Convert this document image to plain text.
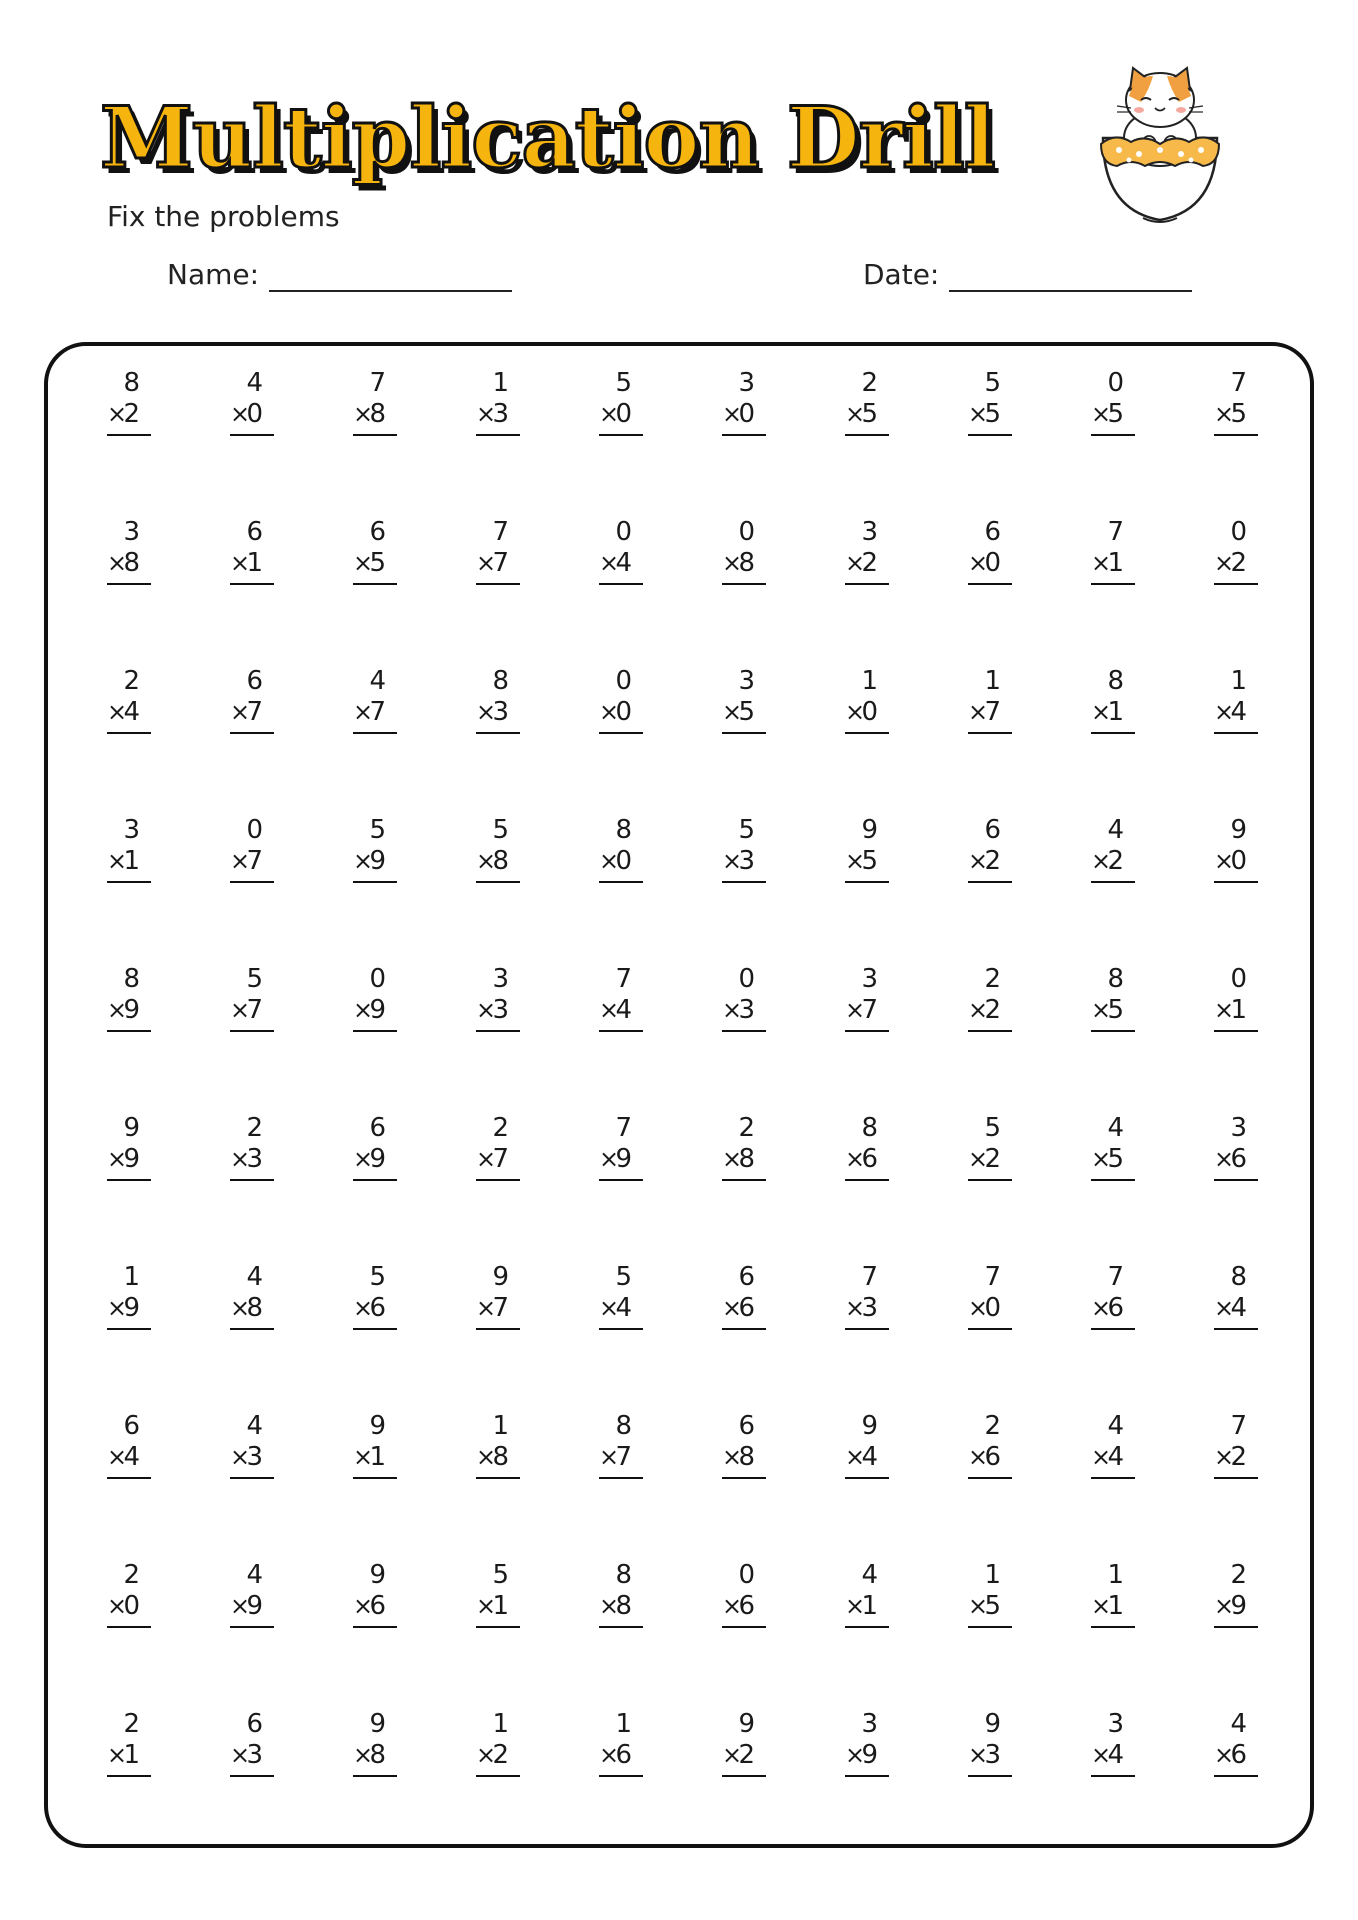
Multiplication Drill
Fix the problems
Name:	Date:
8
×
2
4
×
0
7
×
8
1
×
3
5
×
0
3
×
0
2
×
5
5
×
5
0
×
5
7
×
5
3
×
8
6
×
1
6
×
5
7
×
7
0
×
4
0
×
8
3
×
2
6
×
0
7
×
1
0
×
2
2
×
4
6
×
7
4
×
7
8
×
3
0
×
0
3
×
5
1
×
0
1
×
7
8
×
1
1
×
4
3
×
1
0
×
7
5
×
9
5
×
8
8
×
0
5
×
3
9
×
5
6
×
2
4
×
2
9
×
0
8
×
9
5
×
7
0
×
9
3
×
3
7
×
4
0
×
3
3
×
7
2
×
2
8
×
5
0
×
1
9
×
9
2
×
3
6
×
9
2
×
7
7
×
9
2
×
8
8
×
6
5
×
2
4
×
5
3
×
6
1
×
9
4
×
8
5
×
6
9
×
7
5
×
4
6
×
6
7
×
3
7
×
0
7
×
6
8
×
4
6
×
4
4
×
3
9
×
1
1
×
8
8
×
7
6
×
8
9
×
4
2
×
6
4
×
4
7
×
2
2
×
0
4
×
9
9
×
6
5
×
1
8
×
8
0
×
6
4
×
1
1
×
5
1
×
1
2
×
9
2
×
1
6
×
3
9
×
8
1
×
2
1
×
6
9
×
2
3
×
9
9
×
3
3
×
4
4
×
6
